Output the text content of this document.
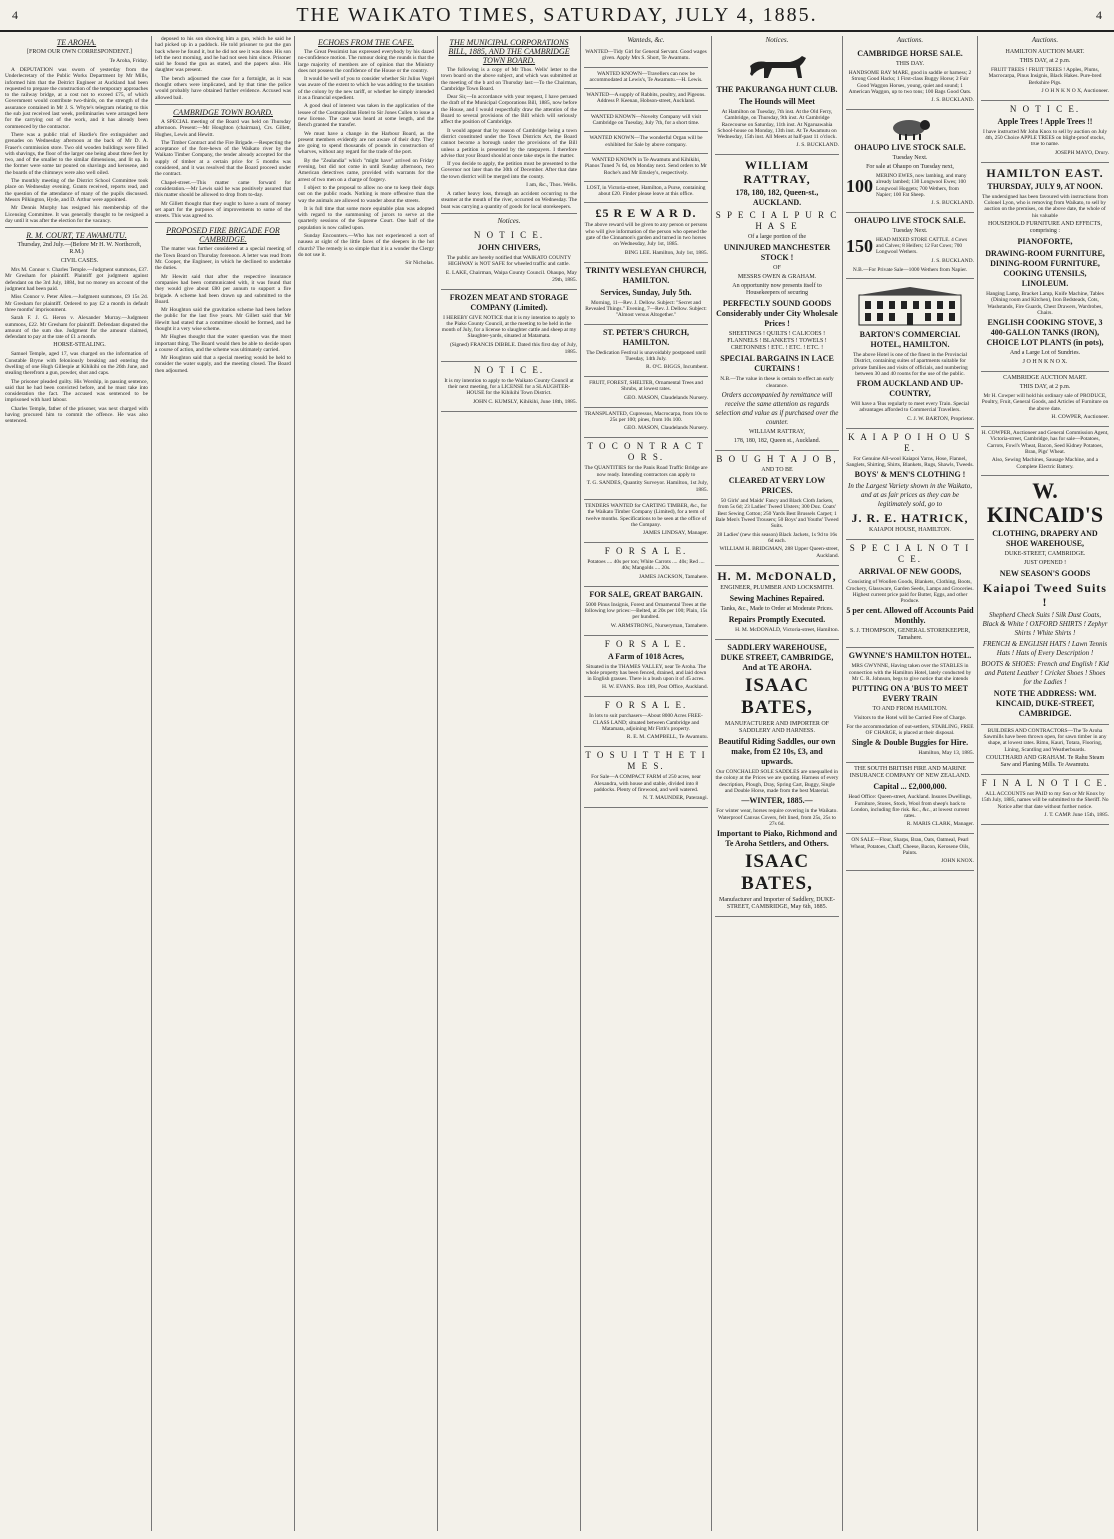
4	THE WAIKATO TIMES, SATURDAY, JULY 4, 1885.	4
TE AROHA.

[FROM OUR OWN CORRESPONDENT.]

Te Aroha, Friday.

A DEPUTATION was sworn of yesterday from the Underlecretary of the Public Works Department by Mr Mills, informed him that the Deitrict Engineer at Auckland had been requested to prepare the construction of the temporary approaches to the railway bridge, at a cost not to exceed £75, of which Government would contribute two-thirds, on the strength of the assurance contained in Mr J. S. Whyte's telegram relating to this the sub just received last week, preliminaries were arranged here for the carrying out of the work, and it has already been commenced by the contractor.

There was a public trial of Hardie's fire extinguisher and grenades on Wednesday afternoon at the back of Mr D. A. Fraser's commission store. Two old wooden buildings were filled with shavings, the floor of the larger one being about three feet by two, and of the smaller to the similar dimensions, and lit up. In the former were some tar poured on shavings and kerosene, and the boards of the chimneys were also well oiled.

The monthly meeting of the District School Committee took place on Wednesday evening. Grants received, reports read, and the question of the attendance of many of the pupils discussed. Messrs Pilkington, Hyde, and D. Arthur were appointed.

Mr Dennis Murphy has resigned his membership of the Licensing Committee. It was generally thought to be resigned a day until it was after the election for the vacancy.

R. M. COURT, TE AWAMUTU.

Thursday, 2nd July.—(Before Mr H. W. Northcroft, R.M.)

CIVIL CASES.

Mrs M. Connor v. Charles Temple.—Judgment summons, £37. Mr Gresham for plaintiff. Plaintiff got judgment against defendant on the 3rd July, 1884, but no money on account of the judgment had been paid.

Miss Connor v. Peter Allen.—Judgment summons, £9 15s 2d. Mr Gresham for plaintiff. Ordered to pay £2 a month in default three months' imprisonment.

Sarah F. J. G. Heron v. Alexander Murray.—Judgment summons, £22. Mr Gresham for plaintiff. Defendant disputed the amount of the sum due. Judgment for the amount claimed, defendant to pay at the rate of £1 a month.

HORSE-STEALING.

Samuel Temple, aged 17, was charged on the information of Constable Bryne with feloniously breaking and entering the dwelling of one Hugh Gillespie at Kihikihi on the 26th June, and stealing therefrom a gun, powder, shot and caps.

The prisoner pleaded guilty. His Worship, in passing sentence, said that he had been convicted before, and he must take into consideration the fact. The accused was sentenced to be imprisoned with hard labour.

Charles Temple, father of the prisoner, was next charged with having procured him to commit the offence. He was also sentenced.

deposed to his son showing him a gun, which he said he had picked up in a paddock. He told prisoner to put the gun back where he found it, but he did not see it was done. His son left the next morning, and he had not seen him since. Prisoner said he found the gun as stated, and the papers also. His daughter was present.

The bench adjourned the case for a fortnight, as it was thought others were implicated, and by that time the police would probably have obtained further evidence. Accused was allowed bail.

CAMBRIDGE TOWN BOARD.

A SPECIAL meeting of the Board was held on Thursday afternoon. Present:—Mr Houghton (chairman), Crs. Gillett, Hughes, Lewis and Hewitt.

The Timber Contract and the Fire Brigade.—Respecting the acceptance of the fore-hewn of the Waikato river by the Waikato Timber Company, the tender already accepted for the supply of timber at a certain price for 5 months was considered, and it was resolved that the Board proceed under the contract.

Chapel-street.—This matter came forward for consideration.—Mr Lewis said he was positively assured that this matter should be allowed to drop from to-day.

Mr Gillett thought that they ought to have a sum of money set apart for the purposes of improvements to some of the streets. This was agreed to.

PROPOSED FIRE BRIGADE FOR CAMBRIDGE.

The matter was further considered at a special meeting of the Town Board on Thursday forenoon. A letter was read from Mr. Cooper, the Engineer, in which he declined to undertake the duties.

Mr Hewitt said that after the respective insurance companies had been communicated with, it was found that they would give about £80 per annum to support a fire brigade. A scheme had been drawn up and submitted to the Board.

Mr Houghton said the gravitation scheme had been before the public for the last five years. Mr Gillett said that Mr Hewitt had stated that a committee should be formed, and he thought it a very wise scheme.

Mr Hughes thought that the water question was the most important thing. The Board would then be able to decide upon a course of action, and the scheme was ultimately carried.

Mr Houghton said that a special meeting would be held to consider the water supply, and the meeting closed. The Board then adjourned.

ECHOES FROM THE CAFE.

The Great Pessimist has expressed everybody by his dazed no-confidence motion. The rumour doing the rounds is that the large majority of members are of opinion that the Ministry does not possess the confidence of the House or the country.

It would be well of you to consider whether Sir Julius Vogel was aware of the extent to which he was adding to the taxation of the colony by the new tariff, or whether he simply intended it as a financial expedient.

A good deal of interest was taken in the application of the lessee of the Cosmopolitan Hotel to Sir Jones Cullen to issue a new license. The case was heard at some length, and the Bench granted the transfer.

We must have a change in the Harbour Board, as the present members evidently are not aware of their duty. They are going to spend thousands of pounds in construction of wharves, without any regard for the trade of the port.

By the "Zealandia" which "might have" arrived on Friday evening, but did not come in until Sunday afternoon, two American detectives came, provided with warrants for the arrest of two men on a charge of forgery.

I object to the proposal to allow no one to keep their dogs out on the public roads. Nothing is more offensive than the way the animals are allowed to wander about the streets.

It is full time that some more equitable plan was adopted with regard to the summoning of jurors to serve at the quarterly sessions of the Supreme Court. One half of the population is now called upon.

Sunday Encounters.—Who has not experienced a sort of nausea at sight of the little faces of the sleepers in the hot church? The remedy is so simple that it is a wonder the Clergy do not use it.

Sir Nicholas.

THE MUNICIPAL CORPORATIONS BILL, 1885, AND THE CAMBRIDGE TOWN BOARD.

The following is a copy of Mr Thos. Wells' letter to the town board on the above subject, and which was submitted at the meeting of the b ard on Thursday last:—To the Chairman, Cambridge Town Board.

Dear Sir,—In accordance with your request, I have perused the draft of the Municipal Corporations Bill, 1885, now before the House, and I would respectfully draw the attention of the Board to several provisions of the Bill which will seriously affect the position of Cambridge.

It would appear that by reason of Cambridge being a town district constituted under the Town Districts Act, the Board cannot become a borough under the provisions of the Bill unless a petition is presented by the ratepayers. I therefore advise that your Board should at once take steps in the matter.

If you decide to apply, the petition must be presented to the Governor not later than the 30th of December. After that date the town district will be merged into the county.

I am, &c., Thos. Wells.

A rather heavy loss, through an accident occurring to the steamer at the mouth of the river, occurred on Wednesday. The boat was carrying a quantity of goods for local storekeepers.

Notices.

N O T I C E.

JOHN CHIVERS,

The public are hereby notified that WAIKATO COUNTY HIGHWAY is NOT SAFE for wheeled traffic and cattle.

E. LAKE, Chairman, Waipa County Council. Ohaupo, May 29th, 1885.

FROZEN MEAT AND STORAGE COMPANY (Limited).

I HEREBY GIVE NOTICE that it is my intention to apply to the Piako County Council, at the meeting to be held in the month of July, for a license to slaughter cattle and sheep at my Slaughter-yards, situated at Matamata.

(Signed) FRANCIS DIBBLE. Dated this first day of July, 1885.

N O T I C E.

It is my intention to apply to the Waikato County Council at their next meeting, for a LICENSE for a SLAUGHTER-HOUSE for the Kihikihi Town District.

JOHN C. KUMSLY, Kihikihi, June 18th, 1885.

Wanteds, &c.

WANTED—Tidy Girl for General Servant. Good wages given. Apply Mrs S. Short, Te Awamutu.

WANTED KNOWN—Travellers can now be accommodated at Lewis's, Te Awamutu.—H. Lewis.

WANTED—A supply of Rabbits, poultry, and Pigeons. Address P. Keenan, Hobson-street, Auckland.

WANTED KNOWN—Novelty Company will visit Cambridge on Tuesday, July 7th, for a short time.

WANTED KNOWN—The wonderful Organ will be exhibited for Sale by above company.

WANTED KNOWN in Te Awamutu and Kihikihi, Pianos Tuned 7s 6d, on Monday next. Send orders to Mr Roche's and Mr Emsley's, respectively.

LOST, in Victoria-street, Hamilton, a Purse, containing about £20. Finder please leave at this office.

£5 R E W A R D.

The above reward will be given to any person or persons who will give information of the person who opened the gate of the Cinnamon's garden and turned in two horses on Wednesday, July 1st, 1885.

BING LEE. Hamilton, July 1st, 1885.

TRINITY WESLEYAN CHURCH, HAMILTON.

Services, Sunday, July 5th.

Morning, 11—Rev. J. Dellow. Subject: "Secret and Revealed Things." Evening, 7—Rev. J. Dellow. Subject: "Almost versus Altogether."

ST. PETER'S CHURCH, HAMILTON.

The Dedication Festival is unavoidably postponed until Tuesday, 14th July.

R. O'C. BIGGS, Incumbent.

FRUIT, FOREST, SHELTER, Ornamental Trees and Shrubs, at lowest rates.

GEO. MASON, Claudelands Nursery.

TRANSPLANTED, Cupressus, Macrocarpa, from 10s to 25s per 100; pines, from 10s 100.

GEO. MASON, Claudelands Nursery.

T O C O N T R A C T O R S.

The QUANTITIES for the Panis Road Traffic Bridge are now ready. Intending contractors can apply to

T. G. SANDES, Quantity Surveyor. Hamilton, 1st July, 1885.

TENDERS WANTED for CARTING TIMBER, &c., for the Waikato Timber Company (Limited), for a term of twelve months. Specifications to be seen at the office of the Company.

JAMES LINDSAY, Manager.

F O R S A L E.

Potatoes .... 40s per ton; White Carrots .... 40s; Red .... 40s; Mangolds .... 20s.

JAMES JACKSON, Tamahere.

FOR SALE, GREAT BARGAIN.

5000 Pinus Insignis, Forest and Ornamental Trees at the following low prices:—Belted, at 20s per 100; Plain, 15s per hundred.

W. ARMSTRONG, Nurseryman, Tamahere.

F O R S A L E.

A Farm of 1018 Acres,

Situated in the THAMES VALLEY, near Te Aroha. The whole property has been fenced, drained, and laid down in English grasses. There is a bush upon it of 45 acres.

H. W. EVANS. Box 189, Post Office, Auckland.

F O R S A L E.

In lots to suit purchasers—About 8000 Acres FREE-CLASS LAND; situated between Cambridge and Matamata, adjoining Mr Firth's property.

R. E. M. CAMPBELL, Te Awamutu.

T O S U I T T H E T I M E S.

For Sale—A COMPACT FARM of 250 acres, near Alexandra, with house and stable, divided into 8 paddocks. Plenty of firewood, and well watered.

N. T. MAUNDER, Paterangi.

Notices.

THE PAKURANGA HUNT CLUB.

The Hounds will Meet

At Hamilton on Tuesday, 7th inst. At the Old Ferry, Cambridge, on Thursday, 9th inst. At Cambridge Racecourse on Saturday, 11th inst. At Ngaruawahia School-house on Monday, 13th inst. At Te Awamutu on Wednesday, 15th inst. All Meets at half-past 11 o'clock.

J. S. BUCKLAND.

WILLIAM RATTRAY,

178, 180, 182, Queen-st., AUCKLAND.

S P E C I A L P U R C H A S E

Of a large portion of the

UNINJURED MANCHESTER STOCK !

OF

MESSRS OWEN & GRAHAM.

An opportunity now presents itself to Housekeepers of securing

PERFECTLY SOUND GOODS Considerably under City Wholesale Prices !

SHEETINGS ! QUILTS ! CALICOES ! FLANNELS ! BLANKETS ! TOWELS ! CRETONNES ! ETC. ! ETC. ! ETC. !

SPECIAL BARGAINS IN LACE CURTAINS !

N.B.—The value in these is certain to effect an early clearance.

Orders accompanied by remittance will receive the same attention as regards selection and value as if purchased over the counter.

WILLIAM RATTRAY,

178, 180, 182, Queen st., Auckland.

B O U G H T A J O B,

AND TO BE

CLEARED AT VERY LOW PRICES.

50 Girls' and Maids' Fancy and Black Cloth Jackets, from 5s 6d; 23 Ladies' Tweed Ulsters; 300 Doz. Coats' Best Sewing Cotton; 250 Yards Best Brussels Carpet; 1 Bale Men's Tweed Trousers; 50 Boys' and Youths' Tweed Suits.

28 Ladies' (new this season) Black Jackets, 1s 9d to 16s 6d each.

WILLIAM H. BRIDGMAN, 288 Upper Queen-street, Auckland.

H. M. McDONALD,

ENGINEER, PLUMBER AND LOCKSMITH.

Sewing Machines Repaired.

Tanks, &c., Made to Order at Moderate Prices.

Repairs Promptly Executed.

H. M. McDONALD, Victoria-street, Hamilton.

SADDLERY WAREHOUSE, DUKE STREET, CAMBRIDGE, And at TE AROHA.

ISAAC BATES,

MANUFACTURER AND IMPORTER OF SADDLERY AND HARNESS.

Beautiful Riding Saddles, our own make, from £2 10s, £3, and upwards.

Our CONCHALED SOLE SADDLES are unequalled in the colony at the Prices we are quoting. Harness of every description, Plough, Dray, Spring Cart, Buggy, Single and Double Horse, made from the best Material.

—WINTER, 1885.—

For winter wear, horses require covering in the Waikato. Waterproof Canvas Covers, felt lined, from 25s, 25s to 27s 6d.

Important to Piako, Richmond and Te Aroha Settlers, and Others.

ISAAC BATES,

Manufacturer and Importer of Saddlery, DUKE-STREET, CAMBRIDGE, May 6th, 1885.

Auctions.

CAMBRIDGE HORSE SALE.

THIS DAY.

HANDSOME BAY MARE, good in saddle or harness; 2 Strong Good Hacks; 1 First-class Buggy Horse; 2 Fair Good Waggon Horses, young, quiet and sound; 1 American Waggon, up to two tons; 100 Bags Good Oats.

J. S. BUCKLAND.

OHAUPO LIVE STOCK SALE.

Tuesday Next.

For sale at Ohaupo on Tuesday next,

100 MERINO EWES, now lambing, and many already lambed; 130 Longwool Ewes; 100 Longwool Hoggets; 700 Wethers, from Napier; 100 Fat Sheep.

J. S. BUCKLAND.

OHAUPO LIVE STOCK SALE.

Tuesday Next.

150 HEAD MIXED STORE CATTLE. 4 Cows and Calves; 8 Heifers; 12 Fat Cows; 700 Longwool Wethers.

J. S. BUCKLAND.

N.B.—For Private Sale—1000 Wethers from Napier.

BARTON'S COMMERCIAL HOTEL, HAMILTON.

The above Hotel is one of the finest in the Provincial District, containing suites of apartments suitable for private families and visits of officials, and numbering between 30 and 40 rooms for the use of the public.

FROM AUCKLAND AND UP-COUNTRY,

Will have a 'Bus regularly to meet every Train. Special advantages afforded to Commercial Travellers.

C. J. W. BARTON, Proprietor.

K A I A P O I H O U S E.

For Genuine All-wool Kaiapoi Yarns, Hose, Flannel, Sanglets, Shirting, Shirts, Blankets, Rugs, Shawls, Tweeds.

BOYS' & MEN'S CLOTHING !

In the Largest Variety shown in the Waikato, and at as fair prices as they can be legitimately sold, go to

J. R. E. HATRICK,

KAIAPOI HOUSE, HAMILTON.

S P E C I A L N O T I C E.

ARRIVAL OF NEW GOODS,

Consisting of Woollen Goods, Blankets, Clothing, Boots, Crockery, Glassware, Garden Seeds, Lamps and Groceries. Highest current price paid for Butter, Eggs, and other Produce.

5 per cent. Allowed off Accounts Paid Monthly.

S. J. THOMPSON, GENERAL STOREKEEPER, Tamahere.

GWYNNE'S HAMILTON HOTEL.

MRS GWYNNE, Having taken over the STABLES in connection with the Hamilton Hotel, lately conducted by Mr C. R. Johnson, begs to give notice that she intends

PUTTING ON A 'BUS TO MEET EVERY TRAIN

TO AND FROM HAMILTON.

Visitors to the Hotel will be Carried Free of Charge.

For the accommodation of out-settlers, STABLING, FREE OF CHARGE, is placed at their disposal.

Single & Double Buggies for Hire.

Hamilton, May 13, 1885.

THE SOUTH BRITISH FIRE AND MARINE INSURANCE COMPANY OF NEW ZEALAND.

Capital ... £2,000,000.

Head Office: Queen-street, Auckland. Insures Dwellings, Furniture, Stores, Stock, Wool from sheep's back to London, including fire risk. &c., &c., at lowest current rates.

R. MARIS CLARK, Manager.

ON SALE—Flour, Sharps, Bran, Oats, Oatmeal, Pearl Wheat, Potatoes, Chaff, Cheese, Bacon, Kerosene Oils, Paints.

JOHN KNOX.

Auctions.

HAMILTON AUCTION MART.

THIS DAY, at 2 p.m.

FRUIT TREES ! FRUIT TREES ! Apples, Plums, Macrocarpa, Pinus Insignis, Black Hakes. Pure-bred Berkshire Pigs.

J O H N K N O X, Auctioneer.

N O T I C E.

Apple Trees ! Apple Trees !!

I have instructed Mr John Knox to sell by auction on July 4th, 250 Choice APPLE TREES on blight-proof stocks, true to name.

JOSEPH MAYO, Drury.

HAMILTON EAST.

THURSDAY, JULY 9, AT NOON.

The undersigned has been favoured with instructions from Colonel Lyon, who is removing from Waikato, to sell by auction on the premises, on the above date, the whole of his valuable

HOUSEHOLD FURNITURE AND EFFECTS, comprising :

PIANOFORTE,

DRAWING-ROOM FURNITURE, DINING-ROOM FURNITURE, COOKING UTENSILS, LINOLEUM.

Hanging Lamp, Bracket Lamp, Knife Machine, Tables (Dining room and Kitchen), Iron Bedsteads, Cots, Washstands, Fire Guards, Chest Drawers, Wardrobes, Chairs.

ENGLISH COOKING STOVE, 3 400-GALLON TANKS (IRON), CHOICE LOT PLANTS (in pots),

And a Large Lot of Sundries.

J O H N K N O X.

CAMBRIDGE AUCTION MART.

THIS DAY, at 2 p.m.

Mr H. Cowper will hold his ordinary sale of PRODUCE, Poultry, Fruit, General Goods, and Articles of Furniture on the above date.

H. COWPER, Auctioneer.

H. COWPER, Auctioneer and General Commission Agent, Victoria-street, Cambridge, has for sale—Potatoes, Carrots, Fowl's Wheat, Bacon, Seed Kidney Potatoes, Bran, Pigs' Wheat.

Also, Sewing Machines, Sausage Machine, and a Complete Electric Battery.

W. KINCAID'S

CLOTHING, DRAPERY AND SHOE WAREHOUSE,

DUKE-STREET, CAMBRIDGE.

JUST OPENED !

NEW SEASON'S GOODS

Kaiapoi Tweed Suits !

Shepherd Check Suits ! Silk Dust Coats, Black & White ! OXFORD SHIRTS ! Zephyr Shirts ! White Shirts !

FRENCH & ENGLISH HATS ! Lawn Tennis Hats ! Hats of Every Description !

BOOTS & SHOES: French and English ! Kid and Patent Leather ! Cricket Shoes ! Shoes for the Ladies !

NOTE THE ADDRESS: WM. KINCAID, DUKE-STREET, CAMBRIDGE.

BUILDERS AND CONTRACTORS—The Te Aroha Sawmills have been thrown open, for sawn timber in any shape, at lowest rates. Rimu, Kauri, Totara, Flooring, Lining, Scantling and Weatherboards.

COULTHARD AND GRAHAM. Te Rahu Steam Saw and Planing Mills. Te Awamutu.

F I N A L N O T I C E.

ALL ACCOUNTS not PAID to my Son or Mr Knox by 15th July, 1885, names will be submitted to the Sheriff. No Notice after that date without further notice.

J. T. CAMP. June 15th, 1885.
